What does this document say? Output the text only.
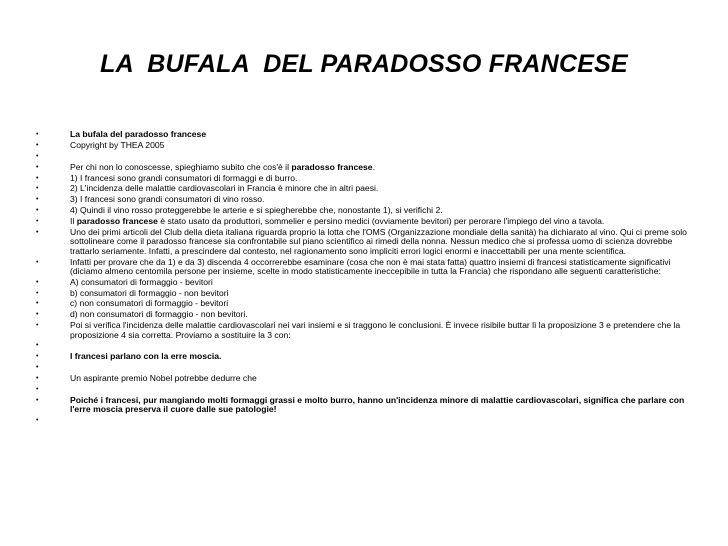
LA  BUFALA  DEL PARADOSSO FRANCESE
•	La bufala del paradosso francese
•	Copyright by THEA 2005
•
•	Per chi non lo conoscesse, spieghiamo subito che cos'è il paradosso francese.
•	1) I francesi sono grandi consumatori di formaggi e di burro.
•	2) L'incidenza delle malattie cardiovascolari in Francia è minore che in altri paesi.
•	3) I francesi sono grandi consumatori di vino rosso.
•	4) Quindi il vino rosso proteggerebbe le arterie e si spiegherebbe che, nonostante 1), si verifichi 2.
•	Il paradosso francese è stato usato da produttori, sommelier e persino medici (ovviamente bevitori) per perorare l'impiego del vino a tavola.
•	Uno dei primi articoli del Club della dieta italiana riguarda proprio la lotta che l'OMS (Organizzazione mondiale della sanità) ha dichiarato al vino. Qui ci preme solo sottolineare come il paradosso francese sia confrontabile sul piano scientifico ai rimedi della nonna. Nessun medico che si professa uomo di scienza dovrebbe trattarlo seriamente. Infatti, a prescindere dal contesto, nel ragionamento sono impliciti errori logici enormi e inaccettabili per una mente scientifica.
•	Infatti per provare che da 1) e da 3) discenda 4 occorrerebbe esaminare (cosa che non è mai stata fatta) quattro insiemi di francesi statisticamente significativi (diciamo almeno centomila persone per insieme, scelte in modo statisticamente ineccepibile in tutta la Francia) che rispondano alle seguenti caratteristiche:
•	A) consumatori di formaggio - bevitori
•	b) consumatori di formaggio - non bevitori
•	c) non consumatori di formaggio - bevitori
•	d) non consumatori di formaggio - non bevitori.
•	Poi si verifica l'incidenza delle malattie cardiovascolari nei vari insiemi e si traggono le conclusioni. È invece risibile buttar lì la proposizione 3 e pretendere che la proposizione 4 sia corretta. Proviamo a sostituire la 3 con:
•
•	I francesi parlano con la erre moscia.
•
•	Un aspirante premio Nobel potrebbe dedurre che
•
•	Poiché i francesi, pur mangiando molti formaggi grassi e molto burro, hanno un'incidenza minore di malattie cardiovascolari, significa che parlare con l'erre moscia preserva il cuore dalle sue patologie!
•
